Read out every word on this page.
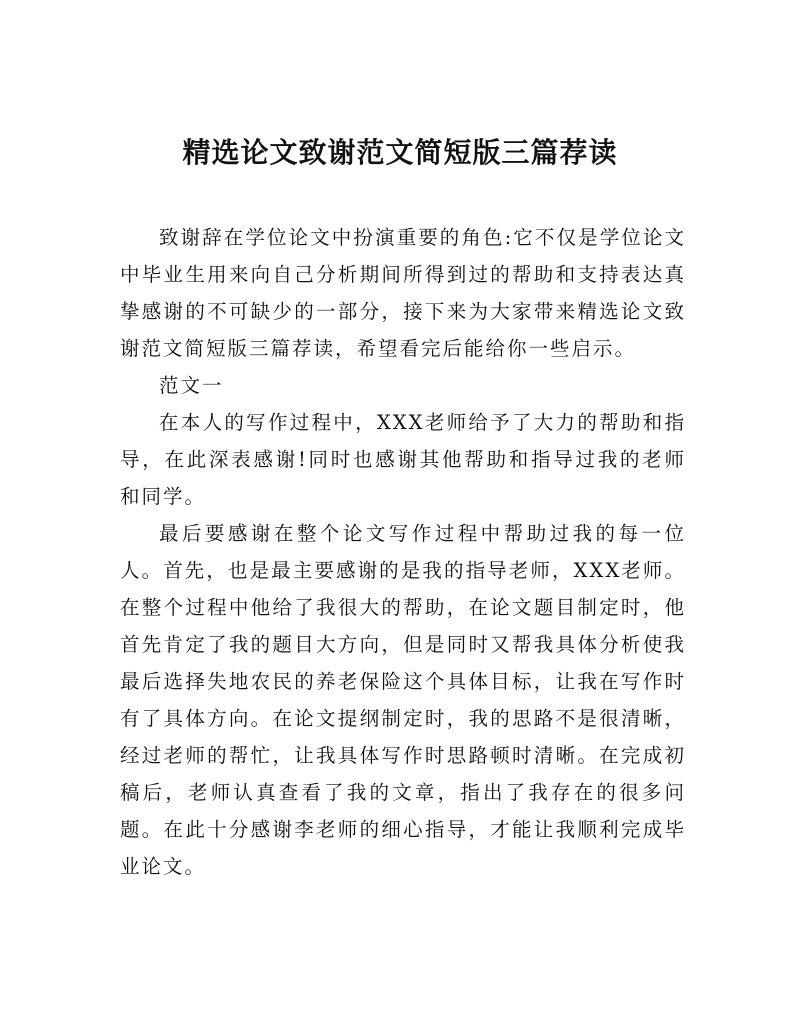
精选论文致谢范文简短版三篇荐读

致谢辞在学位论文中扮演重要的角色:它不仅是学位论文中毕业生用来向自己分析期间所得到过的帮助和支持表达真挚感谢的不可缺少的一部分，接下来为大家带来精选论文致谢范文简短版三篇荐读，希望看完后能给你一些启示。

范文一

在本人的写作过程中，XXX老师给予了大力的帮助和指导，在此深表感谢!同时也感谢其他帮助和指导过我的老师和同学。

最后要感谢在整个论文写作过程中帮助过我的每一位人。首先，也是最主要感谢的是我的指导老师，XXX老师。在整个过程中他给了我很大的帮助，在论文题目制定时，他首先肯定了我的题目大方向，但是同时又帮我具体分析使我最后选择失地农民的养老保险这个具体目标，让我在写作时有了具体方向。在论文提纲制定时，我的思路不是很清晰，经过老师的帮忙，让我具体写作时思路顿时清晰。在完成初稿后，老师认真查看了我的文章，指出了我存在的很多问题。在此十分感谢李老师的细心指导，才能让我顺利完成毕业论文。
